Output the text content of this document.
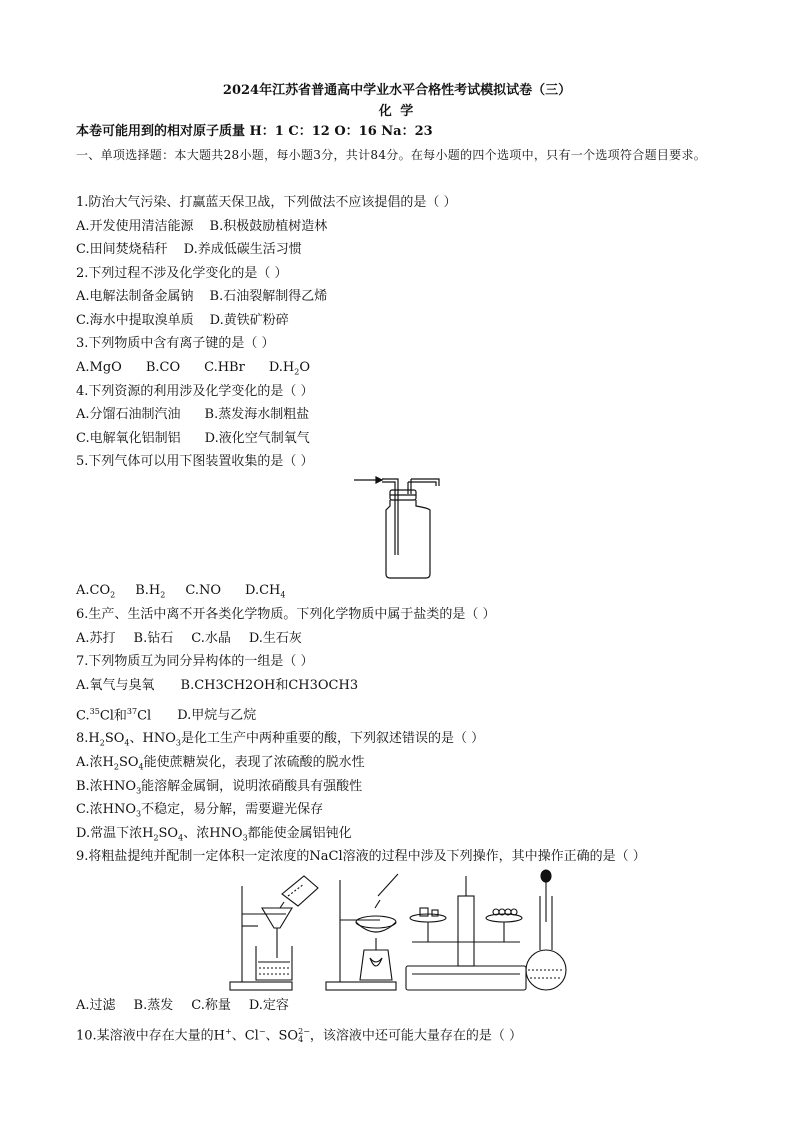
2024年江苏省普通高中学业水平合格性考试模拟试卷（三）
化 学
本卷可能用到的相对原子质量 H：1 C：12 O：16 Na：23
一、单项选择题：本大题共28小题，每小题3分，共计84分。在每小题的四个选项中，只有一个选项符合题目要求。
1.防治大气污染、打赢蓝天保卫战，下列做法不应该提倡的是（ ）
A.开发使用清洁能源 B.积极鼓励植树造林
C.田间焚烧秸秆 D.养成低碳生活习惯
2.下列过程不涉及化学变化的是（ ）
A.电解法制备金属钠 B.石油裂解制得乙烯
C.海水中提取溴单质 D.黄铁矿粉碎
3.下列物质中含有离子键的是（ ）
A.MgO B.CO C.HBr $D.H_2O$
4.下列资源的利用涉及化学变化的是（ ）
A.分馏石油制汽油 B.蒸发海水制粗盐
C.电解氧化铝制铝 D.液化空气制氧气
5.下列气体可以用下图装置收集的是（ ）
$A.CO_2$ $B.H_2$ C.NO $D.CH_4$
6.生产、生活中离不开各类化学物质。下列化学物质中属于盐类的是（ ）
A.苏打 B.钻石 C.水晶 D.生石灰
7.下列物质互为同分异构体的一组是（ ）
A.氧气与臭氧 B.CH3CH2OH和CH3OCH3
C.$^{35}$Cl和$^{37}$Cl D.甲烷与乙烷
$8.H_2SO_4$、$HNO_3$是化工生产中两种重要的酸，下列叙述错误的是（ ）
A.浓$H_2SO_4$能使蔗糖炭化，表现了浓硫酸的脱水性
B.浓$HNO_3$能溶解金属铜，说明浓硝酸具有强酸性
C.浓$HNO_3$不稳定，易分解，需要避光保存
D.常温下浓$H_2SO_4$、浓$HNO_3$都能使金属铝钝化
9.将粗盐提纯并配制一定体积一定浓度的NaCl溶液的过程中涉及下列操作，其中操作正确的是（ ）
A.过滤 B.蒸发 C.称量 D.定容
10.某溶液中存在大量的H+、Cl−、SO 2−
4 ，该溶液中还可能大量存在的是（ ）
